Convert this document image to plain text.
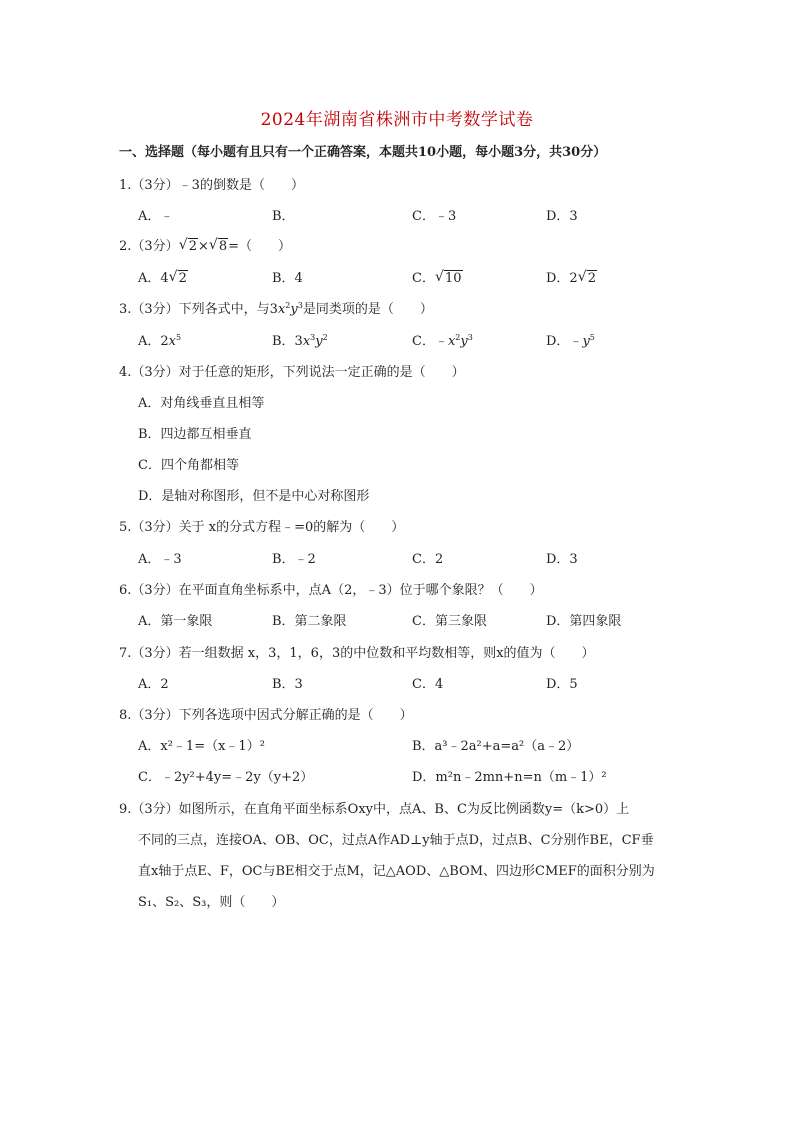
2024年湖南省株洲市中考数学试卷
一、选择题（每小题有且只有一个正确答案，本题共10小题，每小题3分，共30分）
1.（3分）﹣3的倒数是（　　）
A．﹣	B．	C．﹣3	D．3
2.（3分） √ 2× √ 8=（　　）
A．4 √ 2	B．4	C． √ 10	D．2 √ 2
3.（3分）下列各式中，与$3x^2y^3$是同类项的是（　　）
A．$2x^5$	B．$3x^3y^2$	C．$﹣x^2y^3$	D．$﹣y^5$
4.（3分）对于任意的矩形，下列说法一定正确的是（　　）
A．对角线垂直且相等
B．四边都互相垂直
C．四个角都相等
D．是轴对称图形，但不是中心对称图形
5.（3分）关于 x的分式方程﹣=0的解为（　　）
A．﹣3	B．﹣2	C．2	D．3
6.（3分）在平面直角坐标系中，点A（2，﹣3）位于哪个象限？（　　）
A．第一象限	B．第二象限	C．第三象限	D．第四象限
7.（3分）若一组数据 x，3，1，6，3的中位数和平均数相等，则x的值为（　　）
A．2	B．3	C．4	D．5
8.（3分）下列各选项中因式分解正确的是（　　）
A．x²﹣1=（x﹣1）²	B．a³﹣2a²+a=a²（a﹣2）
C．﹣2y²+4y=﹣2y（y+2）	D．m²n﹣2mn+n=n（m﹣1）²
9.（3分）如图所示，在直角平面坐标系Oxy中，点A、B、C为反比例函数y=（k>0）上
不同的三点，连接OA、OB、OC，过点A作AD⊥y轴于点D，过点B、C分别作BE，CF垂
直x轴于点E、F，OC与BE相交于点M，记△AOD、△BOM、四边形CMEF的面积分别为
S₁、S₂、S₃，则（　　）
